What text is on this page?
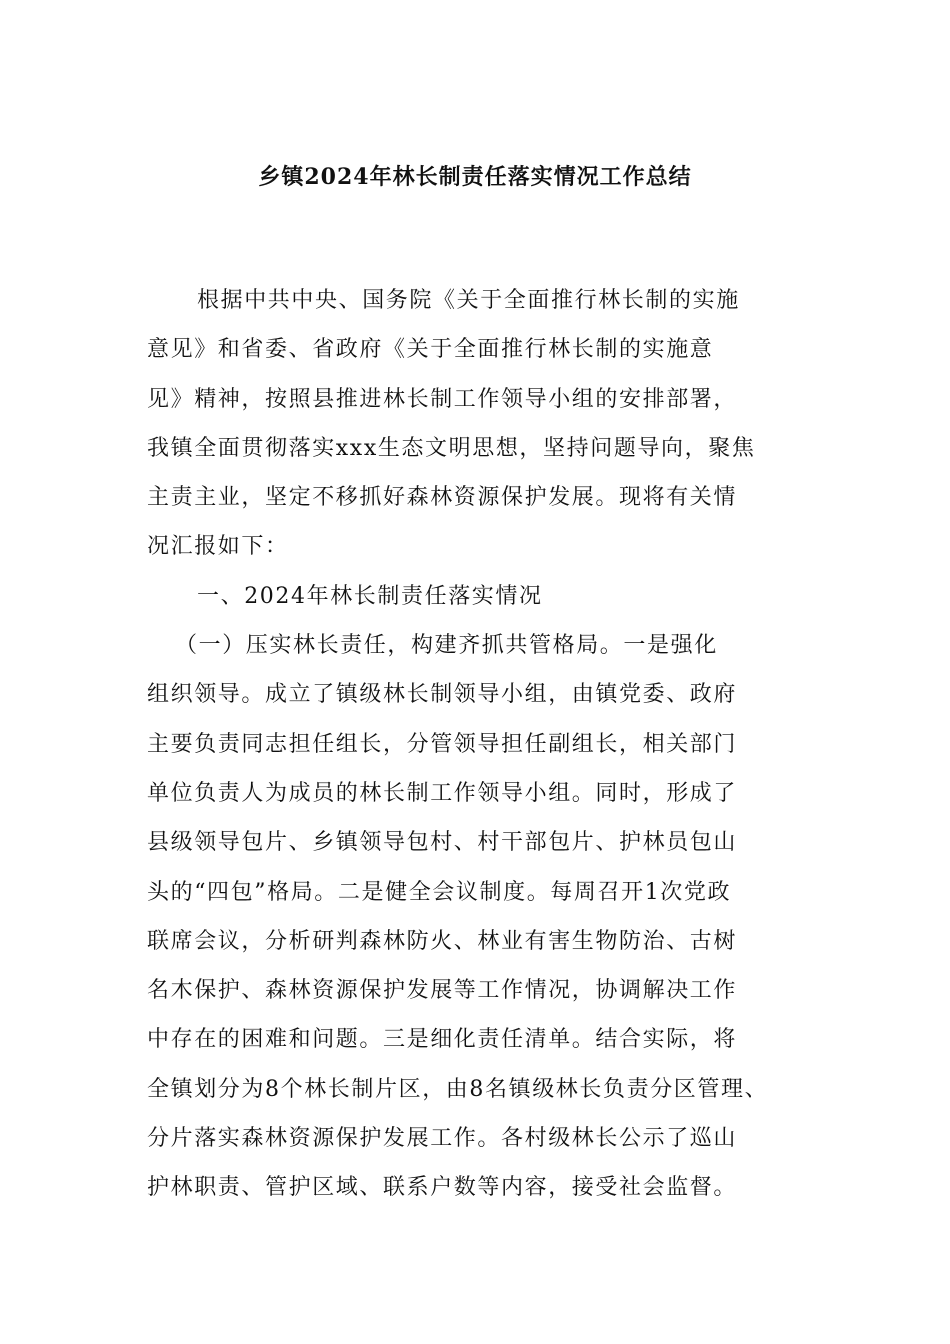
乡镇2024年林长制责任落实情况工作总结
根据中共中央、国务院《关于全面推行林长制的实施
意见》和省委、省政府《关于全面推行林长制的实施意
见》精神，按照县推进林长制工作领导小组的安排部署，
我镇全面贯彻落实xxx生态文明思想，坚持问题导向，聚焦
主责主业，坚定不移抓好森林资源保护发展。现将有关情
况汇报如下：
一、2024年林长制责任落实情况
（一）压实林长责任，构建齐抓共管格局。一是强化
组织领导。成立了镇级林长制领导小组，由镇党委、政府
主要负责同志担任组长，分管领导担任副组长，相关部门
单位负责人为成员的林长制工作领导小组。同时，形成了
县级领导包片、乡镇领导包村、村干部包片、护林员包山
头的“四包”格局。二是健全会议制度。每周召开1次党政
联席会议，分析研判森林防火、林业有害生物防治、古树
名木保护、森林资源保护发展等工作情况，协调解决工作
中存在的困难和问题。三是细化责任清单。结合实际，将
全镇划分为8个林长制片区，由8名镇级林长负责分区管理、
分片落实森林资源保护发展工作。各村级林长公示了巡山
护林职责、管护区域、联系户数等内容，接受社会监督。
